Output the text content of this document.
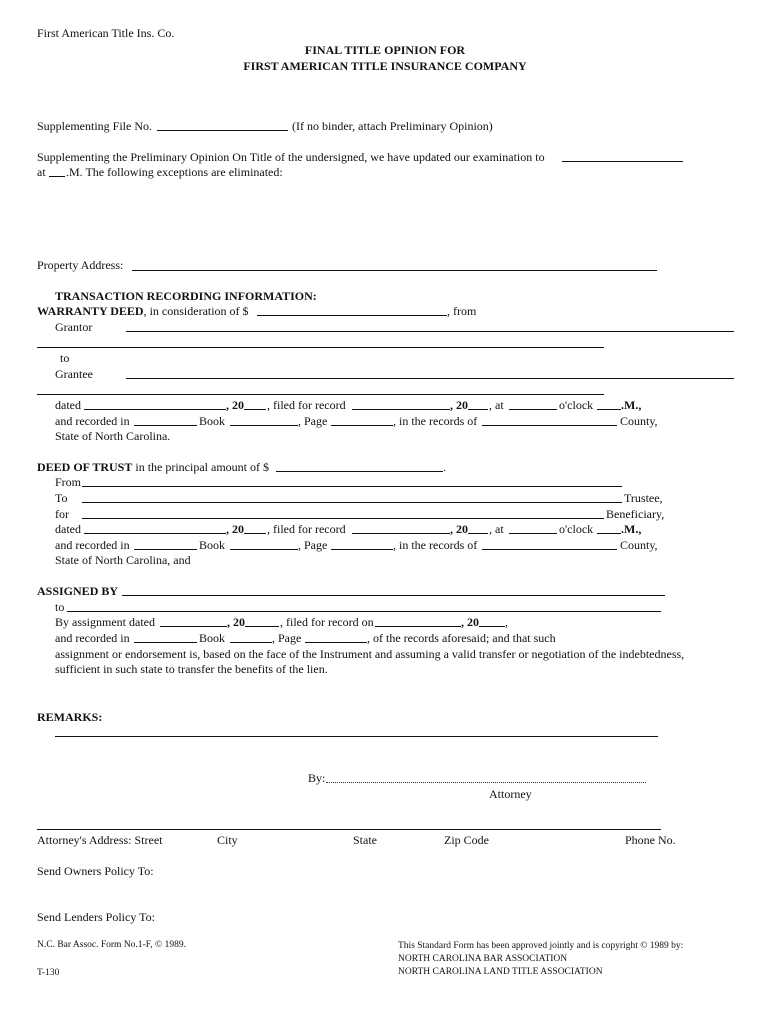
First American Title Ins. Co.
FINAL TITLE OPINION FOR
FIRST AMERICAN TITLE INSURANCE COMPANY
Supplementing File No.	(If no binder, attach Preliminary Opinion)
Supplementing the Preliminary Opinion On Title of the undersigned, we have updated our examination to
at .M. The following exceptions are eliminated:
Property Address:
TRANSACTION RECORDING INFORMATION:
WARRANTY DEED, in consideration of $	, from
Grantor
to
Grantee
dated	, 20 , filed for record	, 20 , at	o'clock .M.,
and recorded in	Book	, Page	, in the records of	County,
State of North Carolina.
DEED OF TRUST in the principal amount of $	.
From
To	Trustee,
for	Beneficiary,
dated	, 20 , filed for record	, 20 , at	o'clock .M.,
and recorded in	Book	, Page	, in the records of	County,
State of North Carolina, and
ASSIGNED BY
to
By assignment dated	, 20	, filed for record on	, 20 ,
and recorded in	Book	, Page	, of the records aforesaid; and that such
assignment or endorsement is, based on the face of the Instrument and assuming a valid transfer or negotiation of the indebtedness,
sufficient in such state to transfer the benefits of the lien.
REMARKS:
By:
Attorney
Attorney's Address: Street	City	State	Zip Code	Phone No.
Send Owners Policy To:
Send Lenders Policy To:
N.C. Bar Assoc. Form No.1-F, © 1989.
T-130
This Standard Form has been approved jointly and is copyright © 1989 by:
NORTH CAROLINA BAR ASSOCIATION
NORTH CAROLINA LAND TITLE ASSOCIATION
